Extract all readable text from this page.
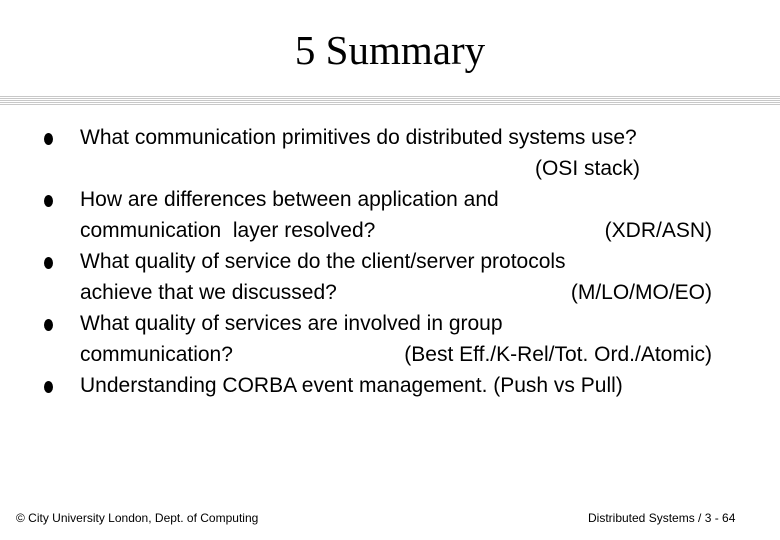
5 Summary
What communication primitives do distributed systems use?
(OSI stack)
How are differences between application and
communication  layer resolved?	(XDR/ASN)
What quality of service do the client/server protocols
achieve that we discussed?	(M/LO/MO/EO)
What quality of services are involved in group
communication?	(Best Eff./K-Rel/Tot. Ord./Atomic)
Understanding CORBA event management. (Push vs Pull)
© City University London, Dept. of Computing	Distributed Systems / 3 - 64
